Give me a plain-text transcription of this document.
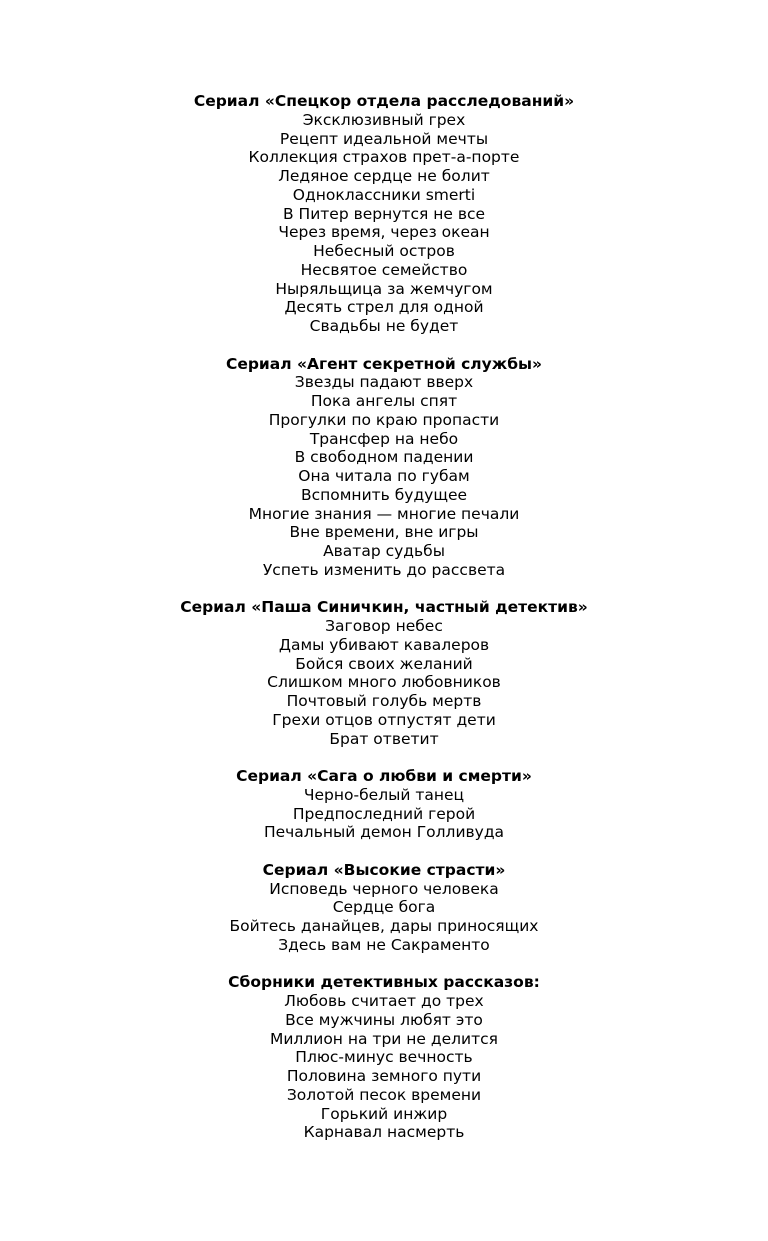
Сериал «Спецкор отдела расследований»
Эксклюзивный грех
Рецепт идеальной мечты
Коллекция страхов прет-а-порте
Ледяное сердце не болит
Одноклассники smerti
В Питер вернутся не все
Через время, через океан
Небесный остров
Несвятое семейство
Ныряльщица за жемчугом
Десять стрел для одной
Свадьбы не будет
Сериал «Агент секретной службы»
Звезды падают вверх
Пока ангелы спят
Прогулки по краю пропасти
Трансфер на небо
В свободном падении
Она читала по губам
Вспомнить будущее
Многие знания — многие печали
Вне времени, вне игры
Аватар судьбы
Успеть изменить до рассвета
Сериал «Паша Синичкин, частный детектив»
Заговор небес
Дамы убивают кавалеров
Бойся своих желаний
Слишком много любовников
Почтовый голубь мертв
Грехи отцов отпустят дети
Брат ответит
Сериал «Сага о любви и смерти»
Черно-белый танец
Предпоследний герой
Печальный демон Голливуда
Сериал «Высокие страсти»
Исповедь черного человека
Сердце бога
Бойтесь данайцев, дары приносящих
Здесь вам не Сакраменто
Сборники детективных рассказов:
Любовь считает до трех
Все мужчины любят это
Миллион на три не делится
Плюс-минус вечность
Половина земного пути
Золотой песок времени
Горький инжир
Карнавал насмерть
